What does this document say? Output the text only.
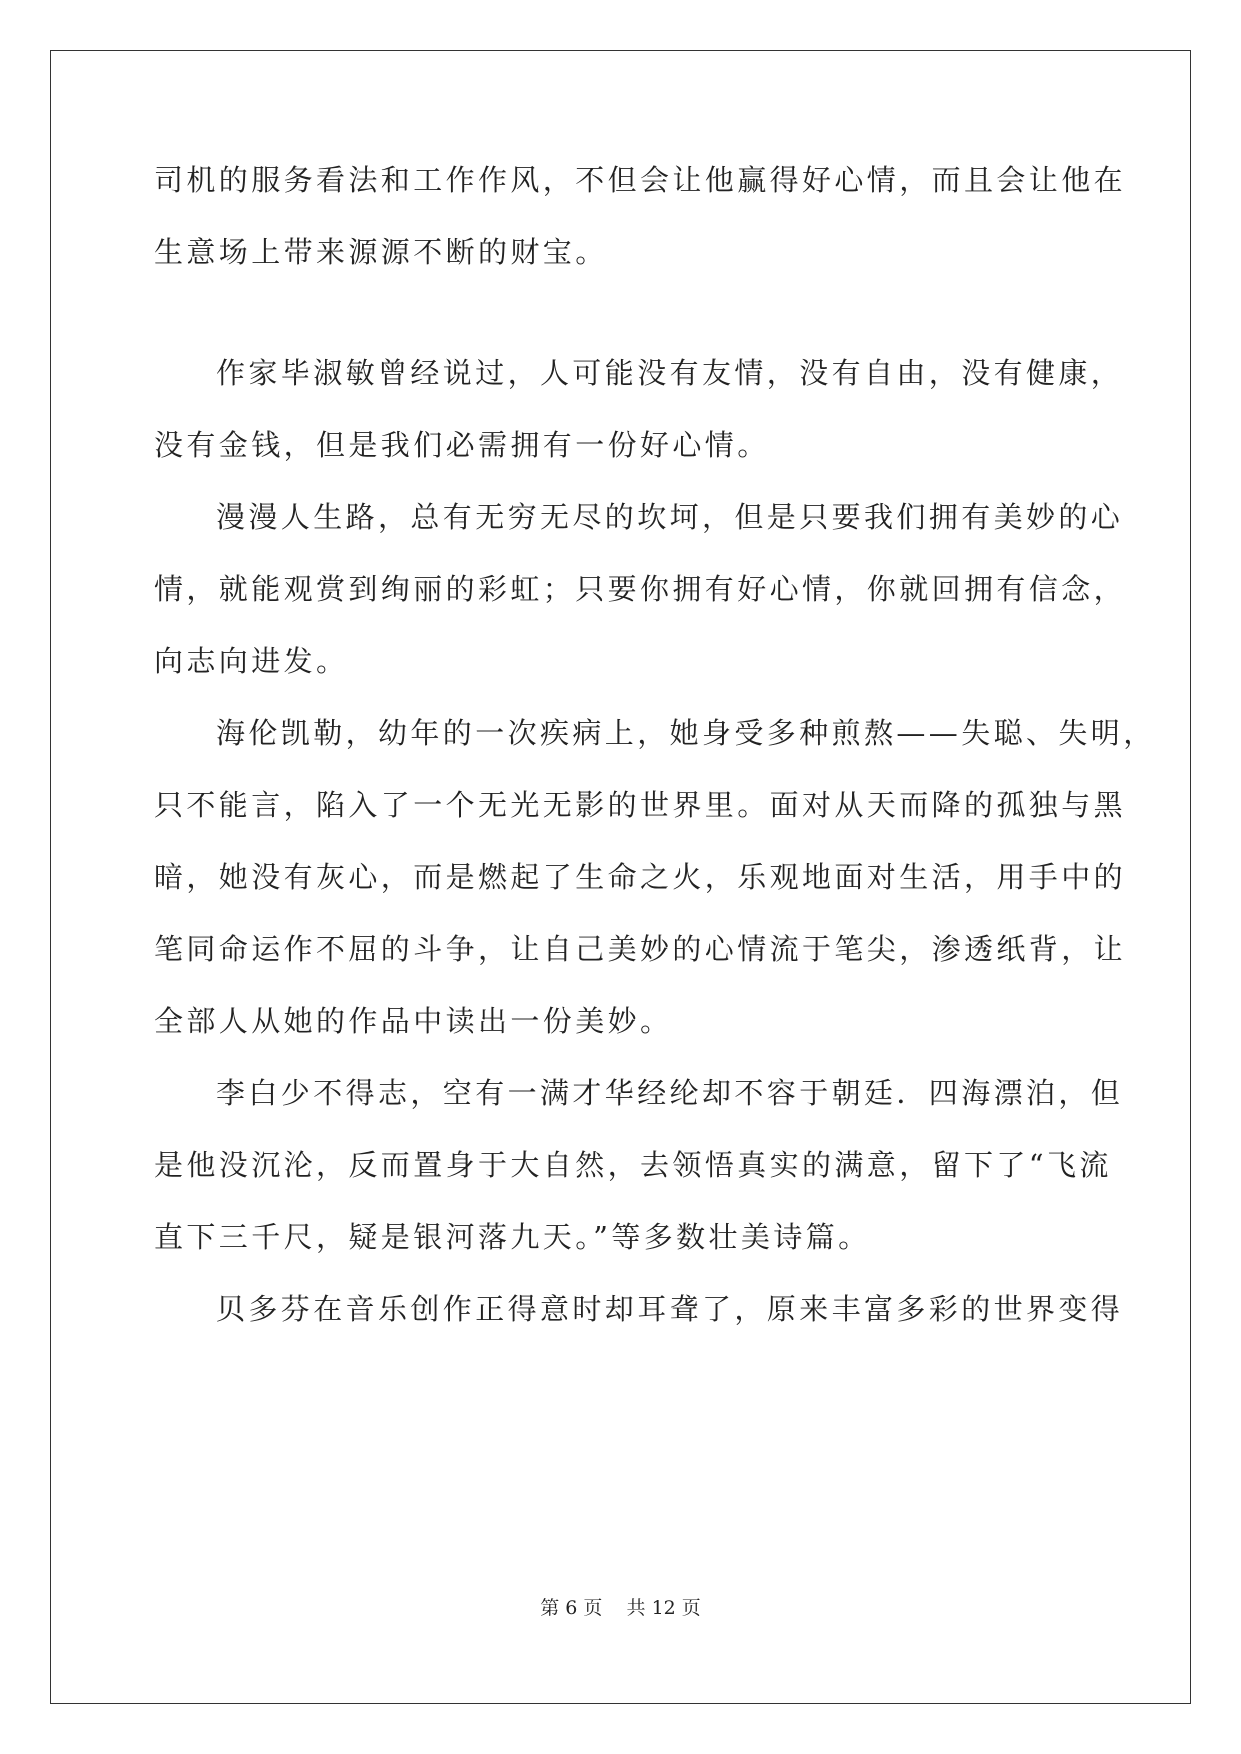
司机的服务看法和工作作风，不但会让他赢得好心情，而且会让他在
生意场上带来源源不断的财宝。
作家毕淑敏曾经说过，人可能没有友情，没有自由，没有健康，
没有金钱，但是我们必需拥有一份好心情。
漫漫人生路，总有无穷无尽的坎坷，但是只要我们拥有美妙的心
情，就能观赏到绚丽的彩虹；只要你拥有好心情，你就回拥有信念，
向志向进发。
海伦凯勒，幼年的一次疾病上，她身受多种煎熬——失聪、失明，
只不能言，陷入了一个无光无影的世界里。面对从天而降的孤独与黑
暗，她没有灰心，而是燃起了生命之火，乐观地面对生活，用手中的
笔同命运作不屈的斗争，让自己美妙的心情流于笔尖，渗透纸背，让
全部人从她的作品中读出一份美妙。
李白少不得志，空有一满才华经纶却不容于朝廷．四海漂泊，但
是他没沉沦，反而置身于大自然，去领悟真实的满意，留下了“飞流
直下三千尺，疑是银河落九天。”等多数壮美诗篇。
贝多芬在音乐创作正得意时却耳聋了，原来丰富多彩的世界变得
第 6 页 共 12 页
